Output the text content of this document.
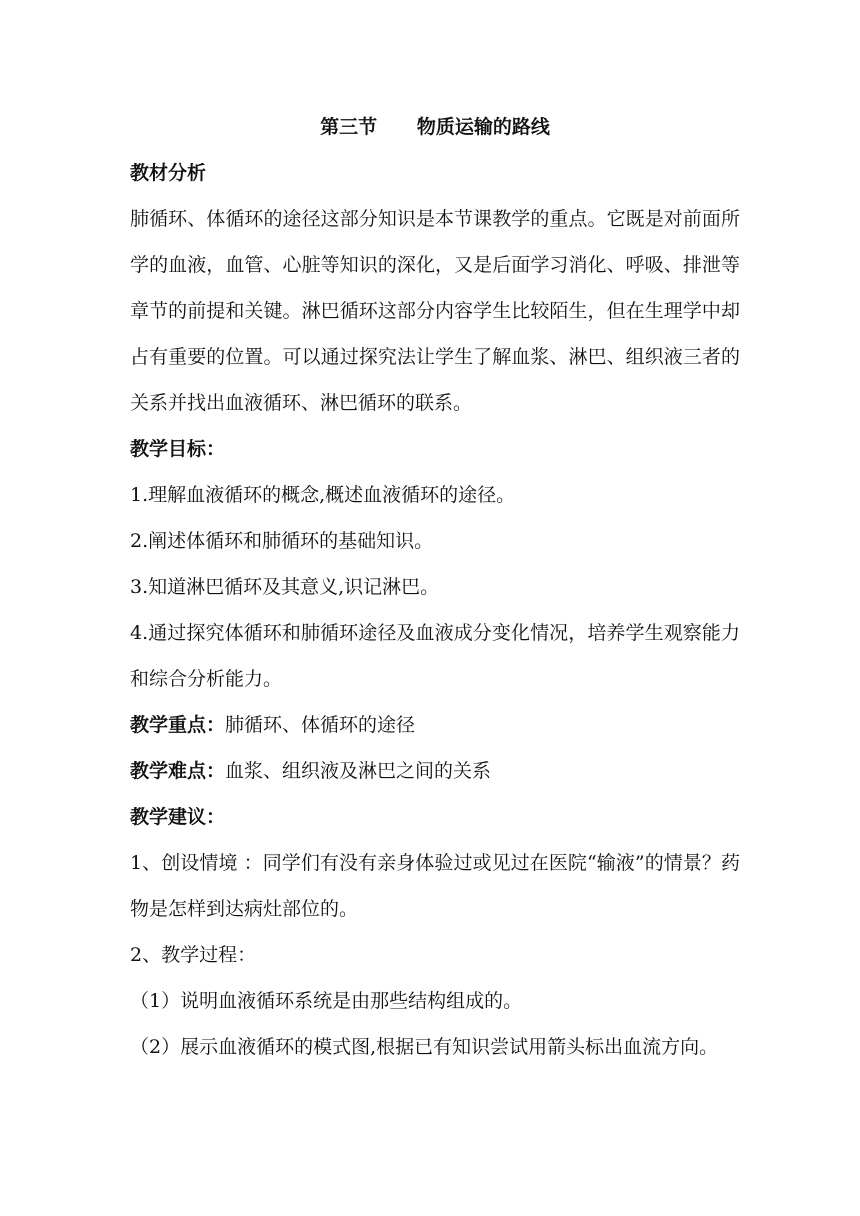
第三节      物质运输的路线
教材分析
肺循环、体循环的途径这部分知识是本节课教学的重点。它既是对前面所学的血液，血管、心脏等知识的深化，又是后面学习消化、呼吸、排泄等章节的前提和关键。淋巴循环这部分内容学生比较陌生，但在生理学中却占有重要的位置。可以通过探究法让学生了解血浆、淋巴、组织液三者的关系并找出血液循环、淋巴循环的联系。
教学目标：
1.理解血液循环的概念,概述血液循环的途径。
2.阐述体循环和肺循环的基础知识。
3.知道淋巴循环及其意义,识记淋巴。
4.通过探究体循环和肺循环途径及血液成分变化情况，培养学生观察能力和综合分析能力。
教学重点：肺循环、体循环的途径
教学难点：血浆、组织液及淋巴之间的关系
教学建议：
1、创设情境 ：同学们有没有亲身体验过或见过在医院“输液”的情景？药物是怎样到达病灶部位的。
2、教学过程：
（1）说明血液循环系统是由那些结构组成的。
（2）展示血液循环的模式图,根据已有知识尝试用箭头标出血流方向。
